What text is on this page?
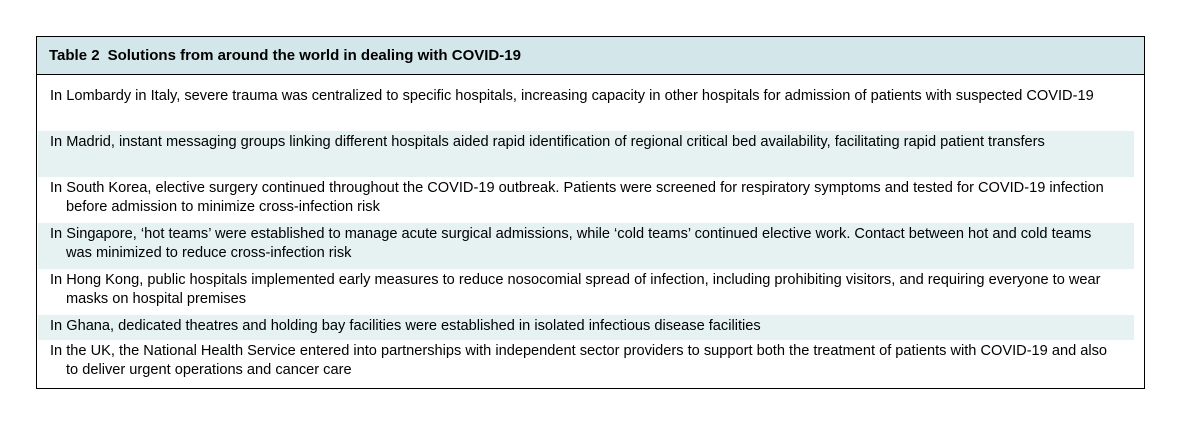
Table 2 Solutions from around the world in dealing with COVID-19
In Lombardy in Italy, severe trauma was centralized to specific hospitals, increasing capacity in other hospitals for admission of patients with suspected COVID-19
In Madrid, instant messaging groups linking different hospitals aided rapid identification of regional critical bed availability, facilitating rapid patient transfers
In South Korea, elective surgery continued throughout the COVID-19 outbreak. Patients were screened for respiratory symptoms and tested for COVID-19 infection before admission to minimize cross-infection risk
In Singapore, ‘hot teams’ were established to manage acute surgical admissions, while ‘cold teams’ continued elective work. Contact between hot and cold teams was minimized to reduce cross-infection risk
In Hong Kong, public hospitals implemented early measures to reduce nosocomial spread of infection, including prohibiting visitors, and requiring everyone to wear masks on hospital premises
In Ghana, dedicated theatres and holding bay facilities were established in isolated infectious disease facilities
In the UK, the National Health Service entered into partnerships with independent sector providers to support both the treatment of patients with COVID-19 and also to deliver urgent operations and cancer care
